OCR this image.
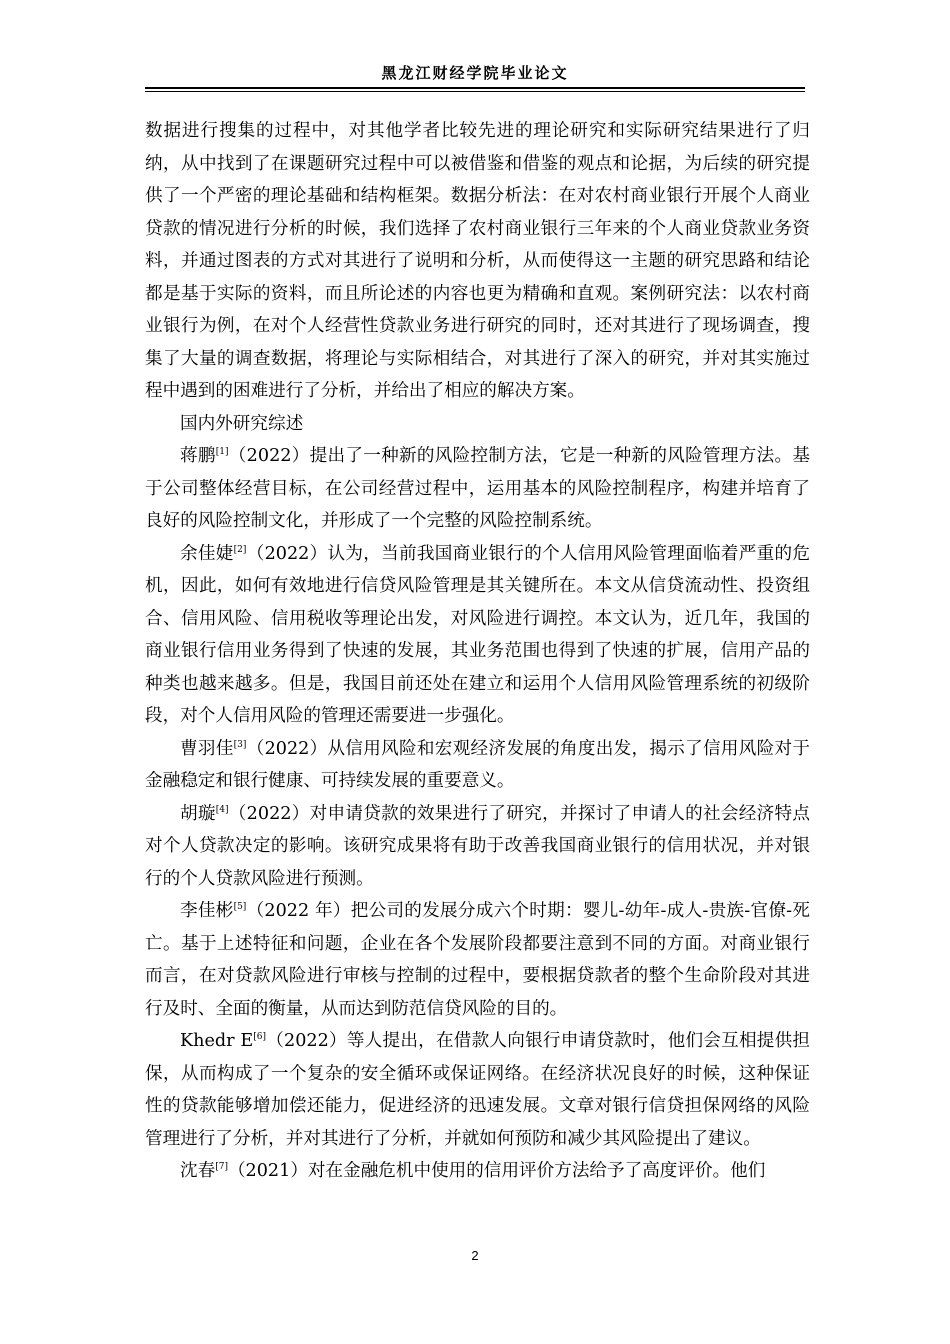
黑龙江财经学院毕业论文

数据进行搜集的过程中，对其他学者比较先进的理论研究和实际研究结果进行了归纳，从中找到了在课题研究过程中可以被借鉴和借鉴的观点和论据，为后续的研究提供了一个严密的理论基础和结构框架。数据分析法：在对农村商业银行开展个人商业贷款的情况进行分析的时候，我们选择了农村商业银行三年来的个人商业贷款业务资料，并通过图表的方式对其进行了说明和分析，从而使得这一主题的研究思路和结论都是基于实际的资料，而且所论述的内容也更为精确和直观。案例研究法：以农村商业银行为例，在对个人经营性贷款业务进行研究的同时，还对其进行了现场调查，搜集了大量的调查数据，将理论与实际相结合，对其进行了深入的研究，并对其实施过程中遇到的困难进行了分析，并给出了相应的解决方案。

国内外研究综述

蒋鹏[1]（2022）提出了一种新的风险控制方法，它是一种新的风险管理方法。基于公司整体经营目标，在公司经营过程中，运用基本的风险控制程序，构建并培育了良好的风险控制文化，并形成了一个完整的风险控制系统。

余佳婕[2]（2022）认为，当前我国商业银行的个人信用风险管理面临着严重的危机，因此，如何有效地进行信贷风险管理是其关键所在。本文从信贷流动性、投资组合、信用风险、信用税收等理论出发，对风险进行调控。本文认为，近几年，我国的商业银行信用业务得到了快速的发展，其业务范围也得到了快速的扩展，信用产品的种类也越来越多。但是，我国目前还处在建立和运用个人信用风险管理系统的初级阶段，对个人信用风险的管理还需要进一步强化。

曹羽佳[3]（2022）从信用风险和宏观经济发展的角度出发，揭示了信用风险对于金融稳定和银行健康、可持续发展的重要意义。

胡璇[4]（2022）对申请贷款的效果进行了研究，并探讨了申请人的社会经济特点对个人贷款决定的影响。该研究成果将有助于改善我国商业银行的信用状况，并对银行的个人贷款风险进行预测。

李佳彬[5]（2022 年）把公司的发展分成六个时期：婴儿-幼年-成人-贵族-官僚-死亡。基于上述特征和问题，企业在各个发展阶段都要注意到不同的方面。对商业银行而言，在对贷款风险进行审核与控制的过程中，要根据贷款者的整个生命阶段对其进行及时、全面的衡量，从而达到防范信贷风险的目的。

Khedr E[6]（2022）等人提出，在借款人向银行申请贷款时，他们会互相提供担保，从而构成了一个复杂的安全循环或保证网络。在经济状况良好的时候，这种保证性的贷款能够增加偿还能力，促进经济的迅速发展。文章对银行信贷担保网络的风险管理进行了分析，并对其进行了分析，并就如何预防和减少其风险提出了建议。

沈春[7]（2021）对在金融危机中使用的信用评价方法给予了高度评价。他们

2
